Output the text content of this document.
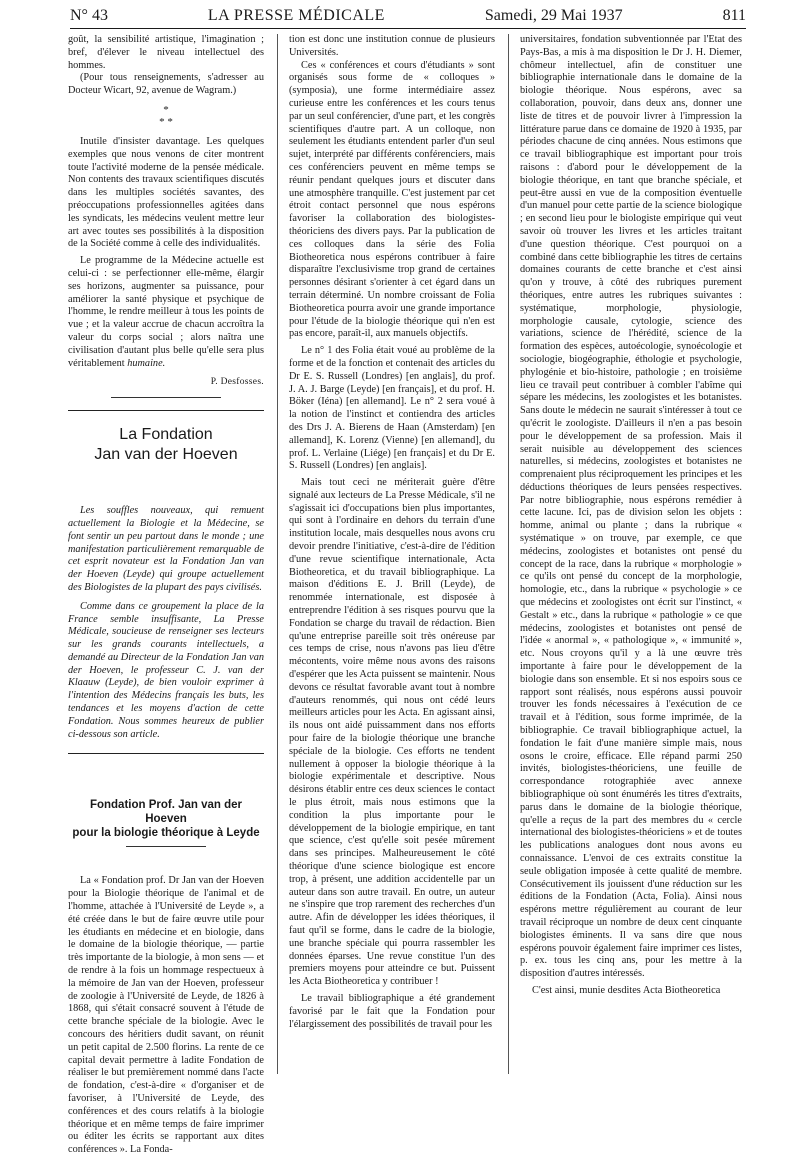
N° 43	LA PRESSE MÉDICALE	Samedi, 29 Mai 1937	811

goût, la sensibilité artistique, l'imagination ; bref, d'élever le niveau intellectuel des hommes.

(Pour tous renseignements, s'adresser au Docteur Wicart, 92, avenue de Wagram.)

*
* *

Inutile d'insister davantage. Les quelques exemples que nous venons de citer montrent toute l'activité moderne de la pensée médicale. Non contents des travaux scientifiques discutés dans les multiples sociétés savantes, des préoccupations professionnelles agitées dans les syndicats, les médecins veulent mettre leur art avec toutes ses possibilités à la disposition de la Société comme à celle des individualités.

Le programme de la Médecine actuelle est celui-ci : se perfectionner elle-même, élargir ses horizons, augmenter sa puissance, pour améliorer la santé physique et psychique de l'homme, le rendre meilleur à tous les points de vue ; et la valeur accrue de chacun accroîtra la valeur du corps social ; alors naîtra une civilisation d'autant plus belle qu'elle sera plus véritablement humaine.

P. Desfosses.
La Fondation
Jan van der Hoeven

Les souffles nouveaux, qui remuent actuellement la Biologie et la Médecine, se font sentir un peu partout dans le monde ; une manifestation particulièrement remarquable de cet esprit novateur est la Fondation Jan van der Hoeven (Leyde) qui groupe actuellement des Biologistes de la plupart des pays civilisés.

Comme dans ce groupement la place de la France semble insuffisante, La Presse Médicale, soucieuse de renseigner ses lecteurs sur les grands courants intellectuels, a demandé au Directeur de la Fondation Jan van der Hoeven, le professeur C. J. van der Klaauw (Leyde), de bien vouloir exprimer à l'intention des Médecins français les buts, les tendances et les moyens d'action de cette Fondation. Nous sommes heureux de publier ci-dessous son article.

Fondation Prof. Jan van der Hoeven
pour la biologie théorique à Leyde

La « Fondation prof. Dr Jan van der Hoeven pour la Biologie théorique de l'animal et de l'homme, attachée à l'Université de Leyde », a été créée dans le but de faire œuvre utile pour les étudiants en médecine et en biologie, dans le domaine de la biologie théorique, — partie très importante de la biologie, à mon sens — et de rendre à la fois un hommage respectueux à la mémoire de Jan van der Hoeven, professeur de zoologie à l'Université de Leyde, de 1826 à 1868, qui s'était consacré souvent à l'étude de cette branche spéciale de la biologie. Avec le concours des héritiers dudit savant, on réunit un petit capital de 2.500 florins. La rente de ce capital devait permettre à ladite Fondation de réaliser le but premièrement nommé dans l'acte de fondation, c'est-à-dire « d'organiser et de favoriser, à l'Université de Leyde, des conférences et des cours relatifs à la biologie théorique et en même temps de faire imprimer ou éditer les écrits se rapportant aux dites conférences ». La Fonda-

tion est donc une institution connue de plusieurs Universités.

Ces « conférences et cours d'étudiants » sont organisés sous forme de « colloques » (symposia), une forme intermédiaire assez curieuse entre les conférences et les cours tenus par un seul conférencier, d'une part, et les congrès scientifiques d'autre part. A un colloque, non seulement les étudiants entendent parler d'un seul sujet, interprété par différents conférenciers, mais ces conférenciers peuvent en même temps se réunir pendant quelques jours et discuter dans une atmosphère tranquille. C'est justement par cet étroit contact personnel que nous espérons favoriser la collaboration des biologistes-théoriciens des divers pays. Par la publication de ces colloques dans la série des Folia Biotheoretica nous espérons contribuer à faire disparaître l'exclusivisme trop grand de certaines personnes désirant s'orienter à cet égard dans un terrain déterminé. Un nombre croissant de Folia Biotheoretica pourra avoir une grande importance pour l'étude de la biologie théorique qui n'en est pas encore, paraît-il, aux manuels objectifs.

Le n° 1 des Folia était voué au problème de la forme et de la fonction et contenait des articles du Dr E. S. Russell (Londres) [en anglais], du prof. J. A. J. Barge (Leyde) [en français], et du prof. H. Böker (Iéna) [en allemand]. Le n° 2 sera voué à la notion de l'instinct et contiendra des articles des Drs J. A. Bierens de Haan (Amsterdam) [en allemand], K. Lorenz (Vienne) [en allemand], du prof. L. Verlaine (Liége) [en français] et du Dr E. S. Russell (Londres) [en anglais].

Mais tout ceci ne mériterait guère d'être signalé aux lecteurs de La Presse Médicale, s'il ne s'agissait ici d'occupations bien plus importantes, qui sont à l'ordinaire en dehors du terrain d'une institution locale, mais desquelles nous avons cru devoir prendre l'initiative, c'est-à-dire de l'édition d'une revue scientifique internationale, Acta Biotheoretica, et du travail bibliographique. La maison d'éditions E. J. Brill (Leyde), de renommée internationale, est disposée à entreprendre l'édition à ses risques pourvu que la Fondation se charge du travail de rédaction. Bien qu'une entreprise pareille soit très onéreuse par ces temps de crise, nous n'avons pas lieu d'être mécontents, voire même nous avons des raisons d'espérer que les Acta puissent se maintenir. Nous devons ce résultat favorable avant tout à nombre d'auteurs renommés, qui nous ont cédé leurs meilleurs articles pour les Acta. En agissant ainsi, ils nous ont aidé puissamment dans nos efforts pour faire de la biologie théorique une branche spéciale de la biologie. Ces efforts ne tendent nullement à opposer la biologie théorique à la biologie expérimentale et descriptive. Nous désirons établir entre ces deux sciences le contact le plus étroit, mais nous estimons que la condition la plus importante pour le développement de la biologie empirique, en tant que science, c'est qu'elle soit pesée mûrement dans ses principes. Malheureusement le côté théorique d'une science biologique est encore trop, à présent, une addition accidentelle par un auteur dans son autre travail. En outre, un auteur ne s'inspire que trop rarement des recherches d'un autre. Afin de développer les idées théoriques, il faut qu'il se forme, dans le cadre de la biologie, une branche spéciale qui pourra rassembler les données éparses. Une revue constitue l'un des premiers moyens pour atteindre ce but. Puissent les Acta Biotheoretica y contribuer !

Le travail bibliographique a été grandement favorisé par le fait que la Fondation pour l'élargissement des possibilités de travail pour les

universitaires, fondation subventionnée par l'Etat des Pays-Bas, a mis à ma disposition le Dr J. H. Diemer, chômeur intellectuel, afin de constituer une bibliographie internationale dans le domaine de la biologie théorique. Nous espérons, avec sa collaboration, pouvoir, dans deux ans, donner une liste de titres et de pouvoir livrer à l'impression la littérature parue dans ce domaine de 1920 à 1935, par périodes chacune de cinq années. Nous estimons que ce travail bibliographique est important pour trois raisons : d'abord pour le développement de la biologie théorique, en tant que branche spéciale, et peut-être aussi en vue de la composition éventuelle d'un manuel pour cette partie de la science biologique ; en second lieu pour le biologiste empirique qui veut savoir où trouver les livres et les articles traitant d'une question théorique. C'est pourquoi on a combiné dans cette bibliographie les titres de certains domaines courants de cette branche et c'est ainsi qu'on y trouve, à côté des rubriques purement théoriques, entre autres les rubriques suivantes : systématique, morphologie, physiologie, morphologie causale, cytologie, science des variations, science de l'hérédité, science de la formation des espèces, autoécologie, synoécologie et sociologie, biogéographie, éthologie et psychologie, phylogénie et bio-histoire, pathologie ; en troisième lieu ce travail peut contribuer à combler l'abîme qui sépare les médecins, les zoologistes et les botanistes. Sans doute le médecin ne saurait s'intéresser à tout ce qu'écrit le zoologiste. D'ailleurs il n'en a pas besoin pour le développement de sa profession. Mais il serait nuisible au développement des sciences naturelles, si médecins, zoologistes et botanistes ne comprenaient plus réciproquement les principes et les déductions théoriques de leurs pensées respectives. Par notre bibliographie, nous espérons remédier à cette lacune. Ici, pas de division selon les objets : homme, animal ou plante ; dans la rubrique « systématique » on trouve, par exemple, ce que médecins, zoologistes et botanistes ont pensé du concept de la race, dans la rubrique « morphologie » ce qu'ils ont pensé du concept de la morphologie, homologie, etc., dans la rubrique « psychologie » ce que médecins et zoologistes ont écrit sur l'instinct, « Gestalt » etc., dans la rubrique « pathologie » ce que médecins, zoologistes et botanistes ont pensé de l'idée « anormal », « pathologique », « immunité », etc. Nous croyons qu'il y a là une œuvre très importante à faire pour le développement de la biologie dans son ensemble. Et si nos espoirs sous ce rapport sont réalisés, nous espérons aussi pouvoir trouver les fonds nécessaires à l'exécution de ce travail et à l'édition, sous forme imprimée, de la bibliographie. Ce travail bibliographique actuel, la fondation le fait d'une manière simple mais, nous osons le croire, efficace. Elle répand parmi 250 invités, biologistes-théoriciens, une feuille de correspondance rotographiée avec annexe bibliographique où sont énumérés les titres d'extraits, parus dans le domaine de la biologie théorique, qu'elle a reçus de la part des membres du « cercle international des biologistes-théoriciens » et de toutes les publications analogues dont nous avons eu connaissance. L'envoi de ces extraits constitue la seule obligation imposée à cette qualité de membre. Consécutivement ils jouissent d'une réduction sur les éditions de la Fondation (Acta, Folia). Ainsi nous espérons mettre régulièrement au courant de leur travail réciproque un nombre de deux cent cinquante biologistes éminents. Il va sans dire que nous espérons pouvoir également faire imprimer ces listes, p. ex. tous les cinq ans, pour les mettre à la disposition d'autres intéressés.

C'est ainsi, munie desdites Acta Biotheoretica
